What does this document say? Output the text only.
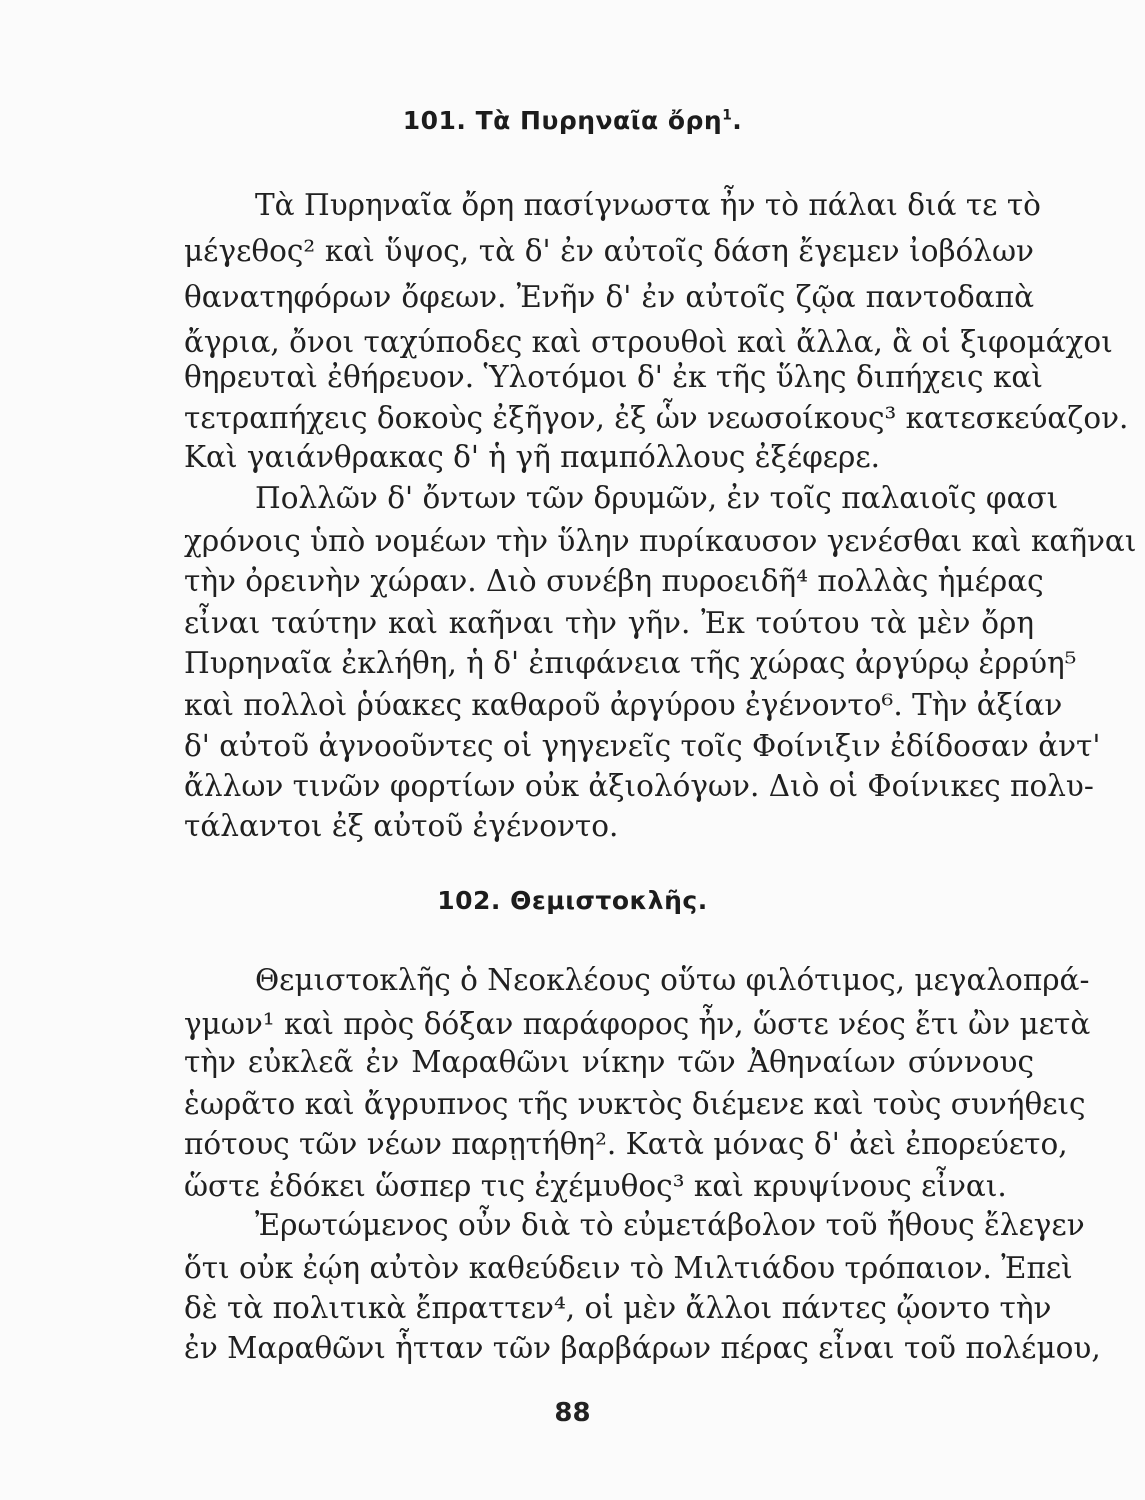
101. Τὰ Πυρηναῖα ὄρη$^1$.
Τὰ Πυρηναῖα ὄρη πασίγνωστα ἦν τὸ πάλαι διά τε τὸ
μέγεθος² καὶ ὕψος, τὰ δ' ἐν αὐτοῖς δάση ἔγεμεν ἰοβόλων
θανατηφόρων ὄφεων. Ἐνῆν δ' ἐν αὐτοῖς ζῷα παντοδαπὰ
ἄγρια, ὄνοι ταχύποδες καὶ στρουθοὶ καὶ ἄλλα, ἃ οἱ ξιφομάχοι
θηρευταὶ ἐθήρευον. Ὑλοτόμοι δ' ἐκ τῆς ὕλης διπήχεις καὶ
τετραπήχεις δοκοὺς ἐξῆγον, ἐξ ὧν νεωσοίκους³ κατεσκεύαζον.
Καὶ γαιάνθρακας δ' ἡ γῆ παμπόλλους ἐξέφερε.
Πολλῶν δ' ὄντων τῶν δρυμῶν, ἐν τοῖς παλαιοῖς φασι
χρόνοις ὑπὸ νομέων τὴν ὕλην πυρίκαυσον γενέσθαι καὶ καῆναι
τὴν ὀρεινὴν χώραν. Διὸ συνέβη πυροειδῆ⁴ πολλὰς ἡμέρας
εἶναι ταύτην καὶ καῆναι τὴν γῆν. Ἐκ τούτου τὰ μὲν ὄρη
Πυρηναῖα ἐκλήθη, ἡ δ' ἐπιφάνεια τῆς χώρας ἀργύρῳ ἐρρύη⁵
καὶ πολλοὶ ῥύακες καθαροῦ ἀργύρου ἐγένοντο⁶. Τὴν ἀξίαν
δ' αὐτοῦ ἀγνοοῦντες οἱ γηγενεῖς τοῖς Φοίνιξιν ἐδίδοσαν ἀντ'
ἄλλων τινῶν φορτίων οὐκ ἀξιολόγων. Διὸ οἱ Φοίνικες πολυ-
τάλαντοι ἐξ αὐτοῦ ἐγένοντο.
102. Θεμιστοκλῆς.
Θεμιστοκλῆς ὁ Νεοκλέους οὕτω φιλότιμος, μεγαλοπρά-
γμων¹ καὶ πρὸς δόξαν παράφορος ἦν, ὥστε νέος ἔτι ὢν μετὰ
τὴν εὐκλεᾶ ἐν Μαραθῶνι νίκην τῶν Ἀθηναίων σύννους
ἑωρᾶτο καὶ ἄγρυπνος τῆς νυκτὸς διέμενε καὶ τοὺς συνήθεις
πότους τῶν νέων παρῃτήθη². Κατὰ μόνας δ' ἀεὶ ἐπορεύετο,
ὥστε ἐδόκει ὥσπερ τις ἐχέμυθος³ καὶ κρυψίνους εἶναι.
Ἐρωτώμενος οὖν διὰ τὸ εὐμετάβολον τοῦ ἤθους ἔλεγεν
ὅτι οὐκ ἐῴη αὐτὸν καθεύδειν τὸ Μιλτιάδου τρόπαιον. Ἐπεὶ
δὲ τὰ πολιτικὰ ἔπραττεν⁴, οἱ μὲν ἄλλοι πάντες ᾤοντο τὴν
ἐν Μαραθῶνι ἧτταν τῶν βαρβάρων πέρας εἶναι τοῦ πολέμου,
88
